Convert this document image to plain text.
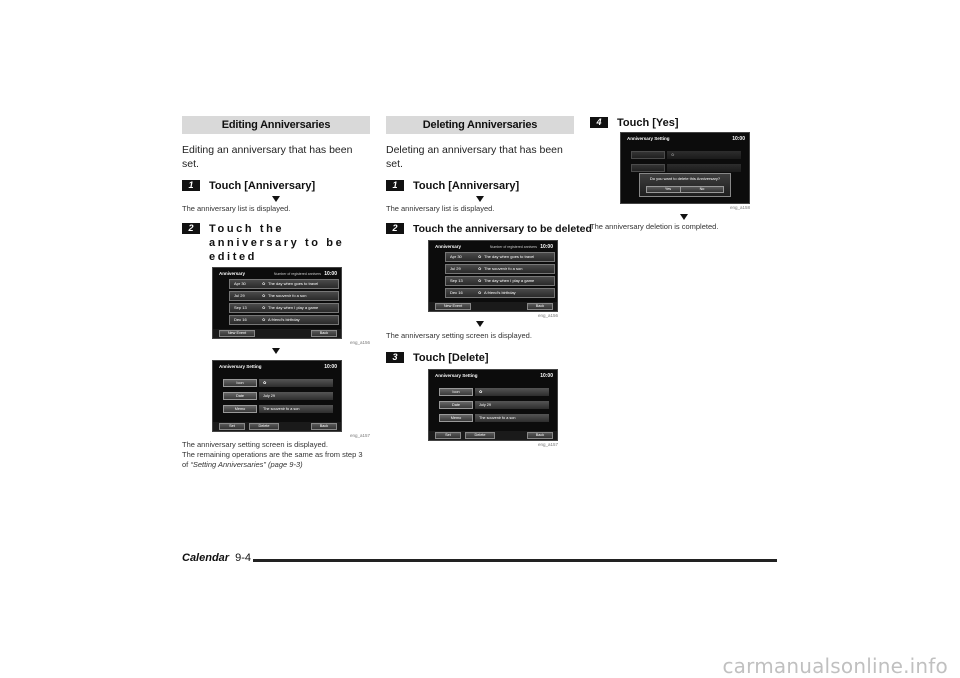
Editing Anniversaries
Editing an anniversary that has been set.
1	Touch [Anniversary]
The anniversary list is displayed.
2	Touch the anniversary to be edited
Anniversary	Number of registered annivers 10:00
Apr 30	✿ The day when goes to travel
Jul 29	✿ The souvenir fo a son
Sep 13	✿ The day when I play a game
Dec 16	✿ A friend's birthday
New Event	Back
eng_a156
Anniversary Setting	10:00
Icon	✿
Date	July 29
Memo	The souvenir fo a son
Set	Delete	Back
eng_a157
The anniversary setting screen is displayed.
The remaining operations are the same as from step 3
of “Setting Anniversaries” (page 9-3)
Deleting Anniversaries
Deleting an anniversary that has been set.
1	Touch [Anniversary]
The anniversary list is displayed.
2	Touch the anniversary to be deleted
Anniversary	Number of registered annivers 10:00
Apr 30	✿ The day when goes to travel
Jul 29	✿ The souvenir fo a son
Sep 13	✿ The day when I play a game
Dec 16	✿ A friend's birthday
New Event	Back
eng_a156
The anniversary setting screen is displayed.
3	Touch [Delete]
Anniversary Setting	10:00
Icon	✿
Date	July 29
Memo	The souvenir fo a son
Set	Delete	Back
eng_a157
4	Touch [Yes]
Anniversary Setting	10:00
✿
Do you want to delete this Anniversary?
Yes	No
eng_a158
The anniversary deletion is completed.
Calendar 9-4
carmanualsonline.info
